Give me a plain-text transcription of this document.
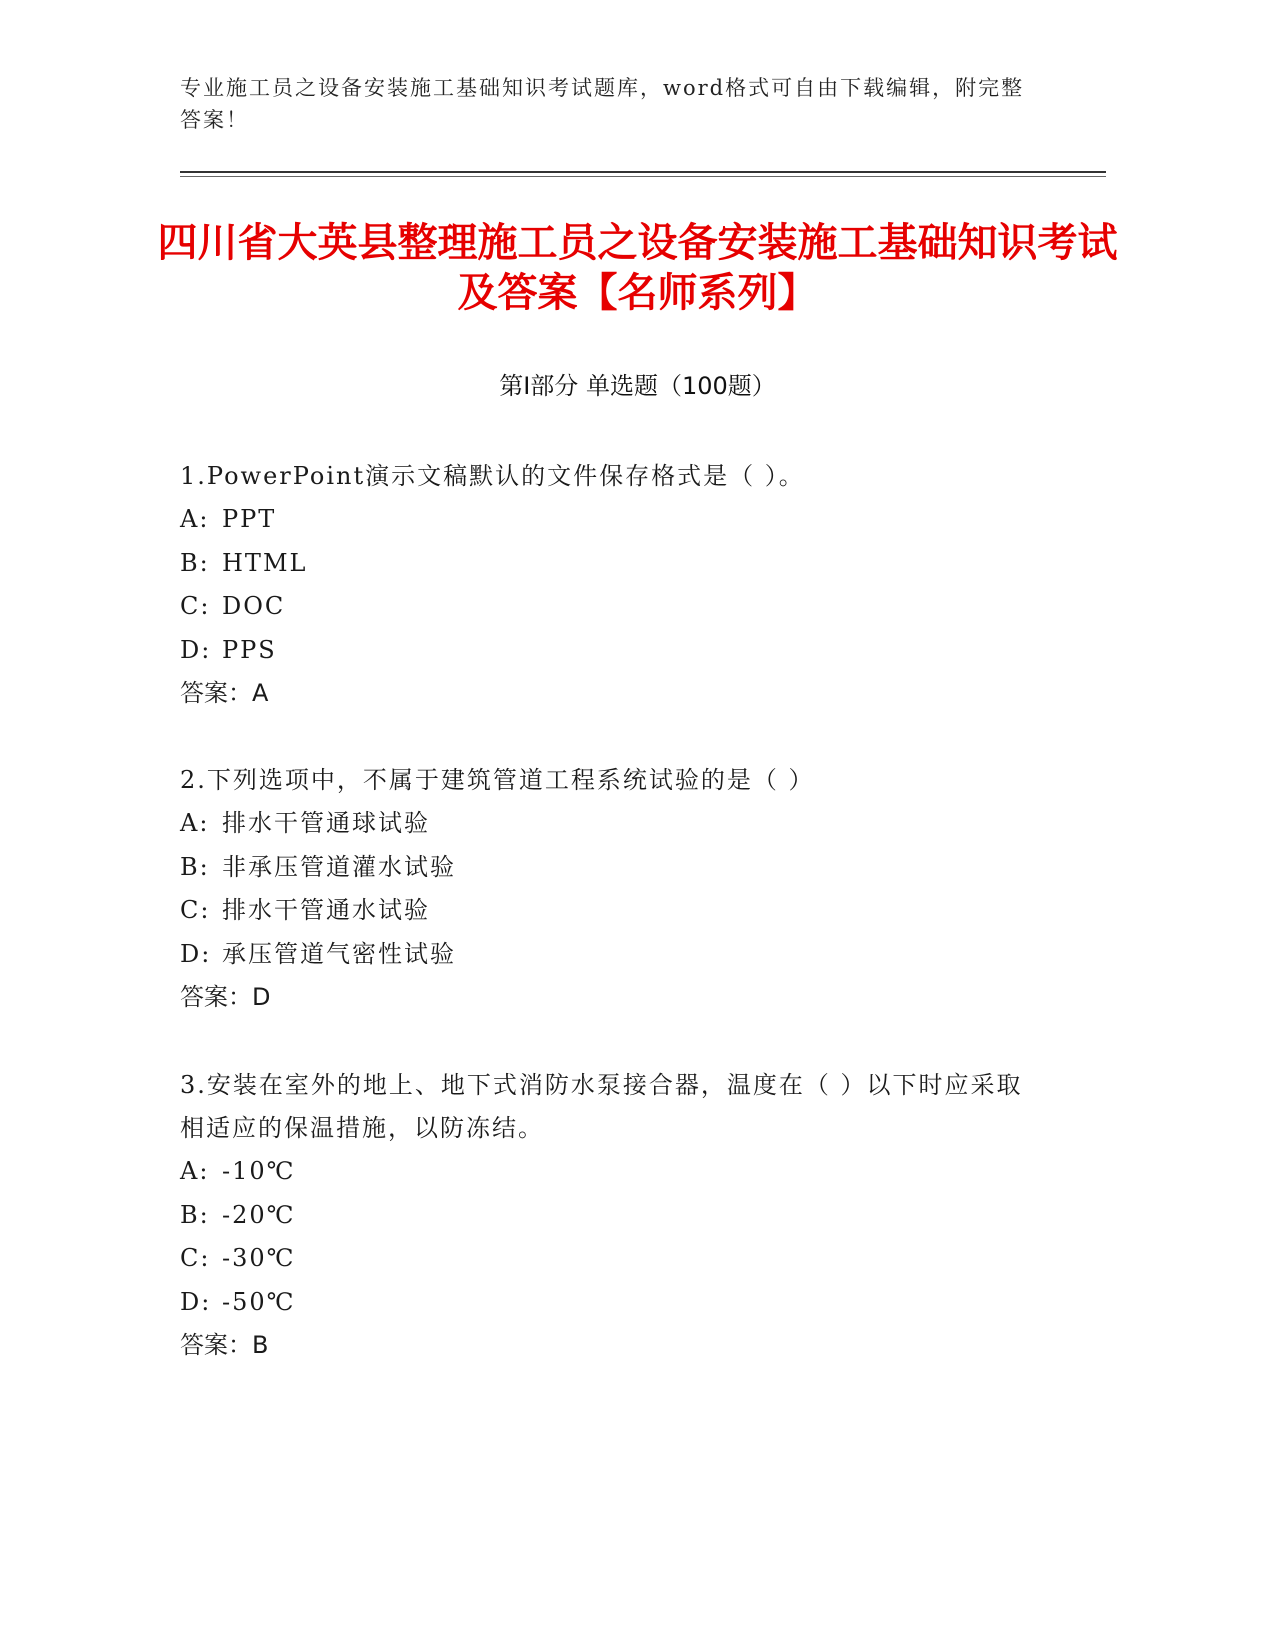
专业施工员之设备安装施工基础知识考试题库，word格式可自由下载编辑，附完整答案！
四川省大英县整理施工员之设备安装施工基础知识考试及答案【名师系列】
第I部分 单选题（100题）

1.PowerPoint演示文稿默认的文件保存格式是（ ）。

A: PPT

B: HTML

C: DOC

D: PPS

答案：A

2.下列选项中，不属于建筑管道工程系统试验的是（ ）

A: 排水干管通球试验

B: 非承压管道灌水试验

C: 排水干管通水试验

D: 承压管道气密性试验

答案：D

3.安装在室外的地上、地下式消防水泵接合器，温度在（ ）以下时应采取相适应的保温措施，以防冻结。

A: -10℃

B: -20℃

C: -30℃

D: -50℃

答案：B
